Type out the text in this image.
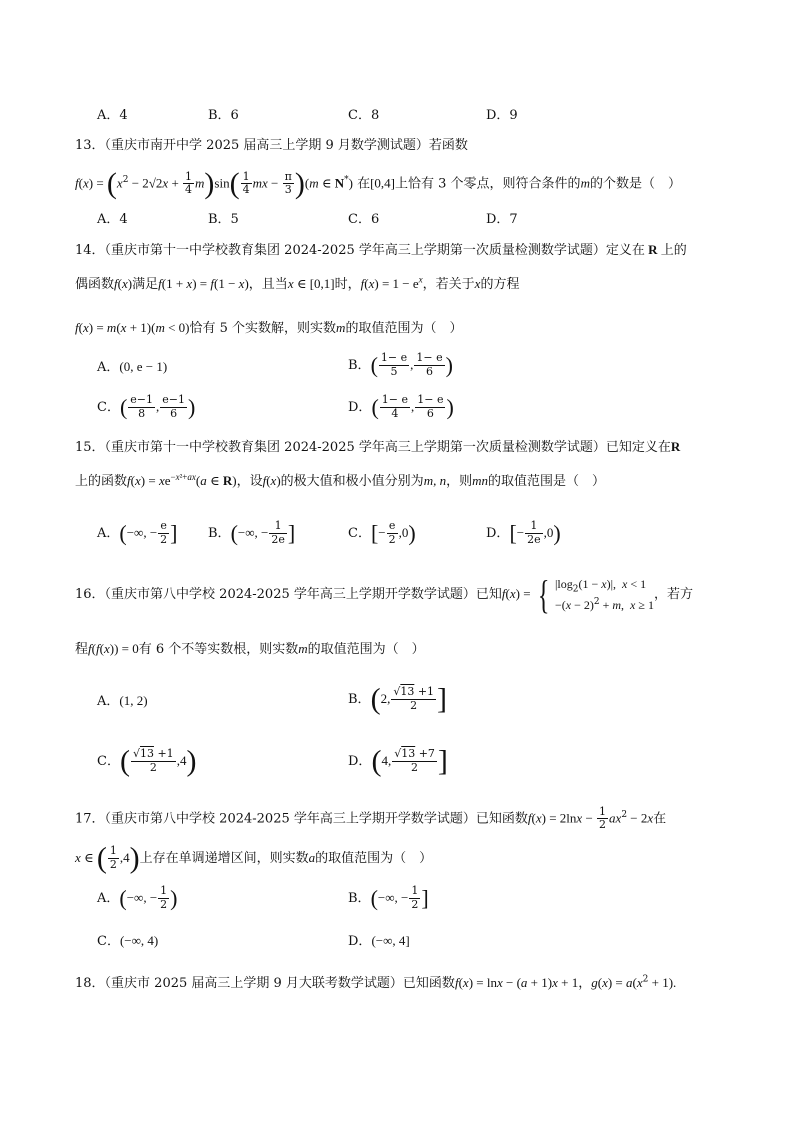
A．4	B．6	C．8	D．9
13．（重庆市南开中学 2025 届高三上学期 9 月数学测试题）若函数
$f(x) = (x^2 - 2√2x + \frac{1}{4} m)\sin( \frac{1}{4}$ mx − $\frac{\pi}{3} )(m$ ∈ N*) 在[0,4]上恰有 3 个零点，则符合条件的m的个数是（　）
A．4	B．5	C．6	D．7
14．（重庆市第十一中学校教育集团 2024-2025 学年高三上学期第一次质量检测数学试题）定义在 R 上的
偶函数f(x)满足f(1 + x) = f(1 − x)，且当x ∈ [0,1]时，$f(x) = 1 - e^x$，若关于x的方程
f(x) = m(x + 1)(m < 0)恰有 5 个实数解，则实数m的取值范围为（　）
A．(0, e − 1)	B．( $\frac{1- e}{5}$ , $\frac{1- e}{6}$ )
C．( $\frac{e-1}{8}$ , $\frac{e-1}{6}$ )	D．( $\frac{1- e}{4}$ , $\frac{1- e}{6}$ )
15．（重庆市第十一中学校教育集团 2024-2025 学年高三上学期第一次质量检测数学试题）已知定义在R
上的函数$f(x) = xe^{-x^2+ax}(a$ ∈ R)，设f(x)的极大值和极小值分别为m, n，则mn的取值范围是（　）
A．(−∞, − $\frac{e}{2}$ ] B．(−∞, − $\frac{1}{2e}$ ]	C．[− $\frac{e}{2} ,0$)	D．[− $\frac{1}{2e} ,0$)
16．（重庆市第八中学校 2024-2025 学年高三上学期开学数学试题）已知f(x) = { $|\log_2(1 - x)|$,  x < 1
$-(x - 2)^2 + m$,  x ≥ 1，若方
程f(f(x)) = 0有 6 个不等实数根，则实数m的取值范围为（　）
A．(1, 2)	B．(2, $\frac{√13 +1}{2}$ ]
C．( $\frac{√13 +1}{2} ,4$)	D．(4, $\frac{√13 +7}{2}$ ]
17．（重庆市第八中学校 2024-2025 学年高三上学期开学数学试题）已知函数$f(x) = 2\ln x - \frac{1}{2} ax^2 - 2x$在
x ∈ ( $\frac{1}{2} ,4$)上存在单调递增区间，则实数a的取值范围为（　）
A．(−∞, − $\frac{1}{2}$ )	B．(−∞, − $\frac{1}{2}$ ]
C．(−∞, 4)	D．(−∞, 4]
18．（重庆市 2025 届高三上学期 9 月大联考数学试题）已知函数f(x) = lnx − (a + 1)x + 1，$g(x) = a(x^2 + 1)$.
